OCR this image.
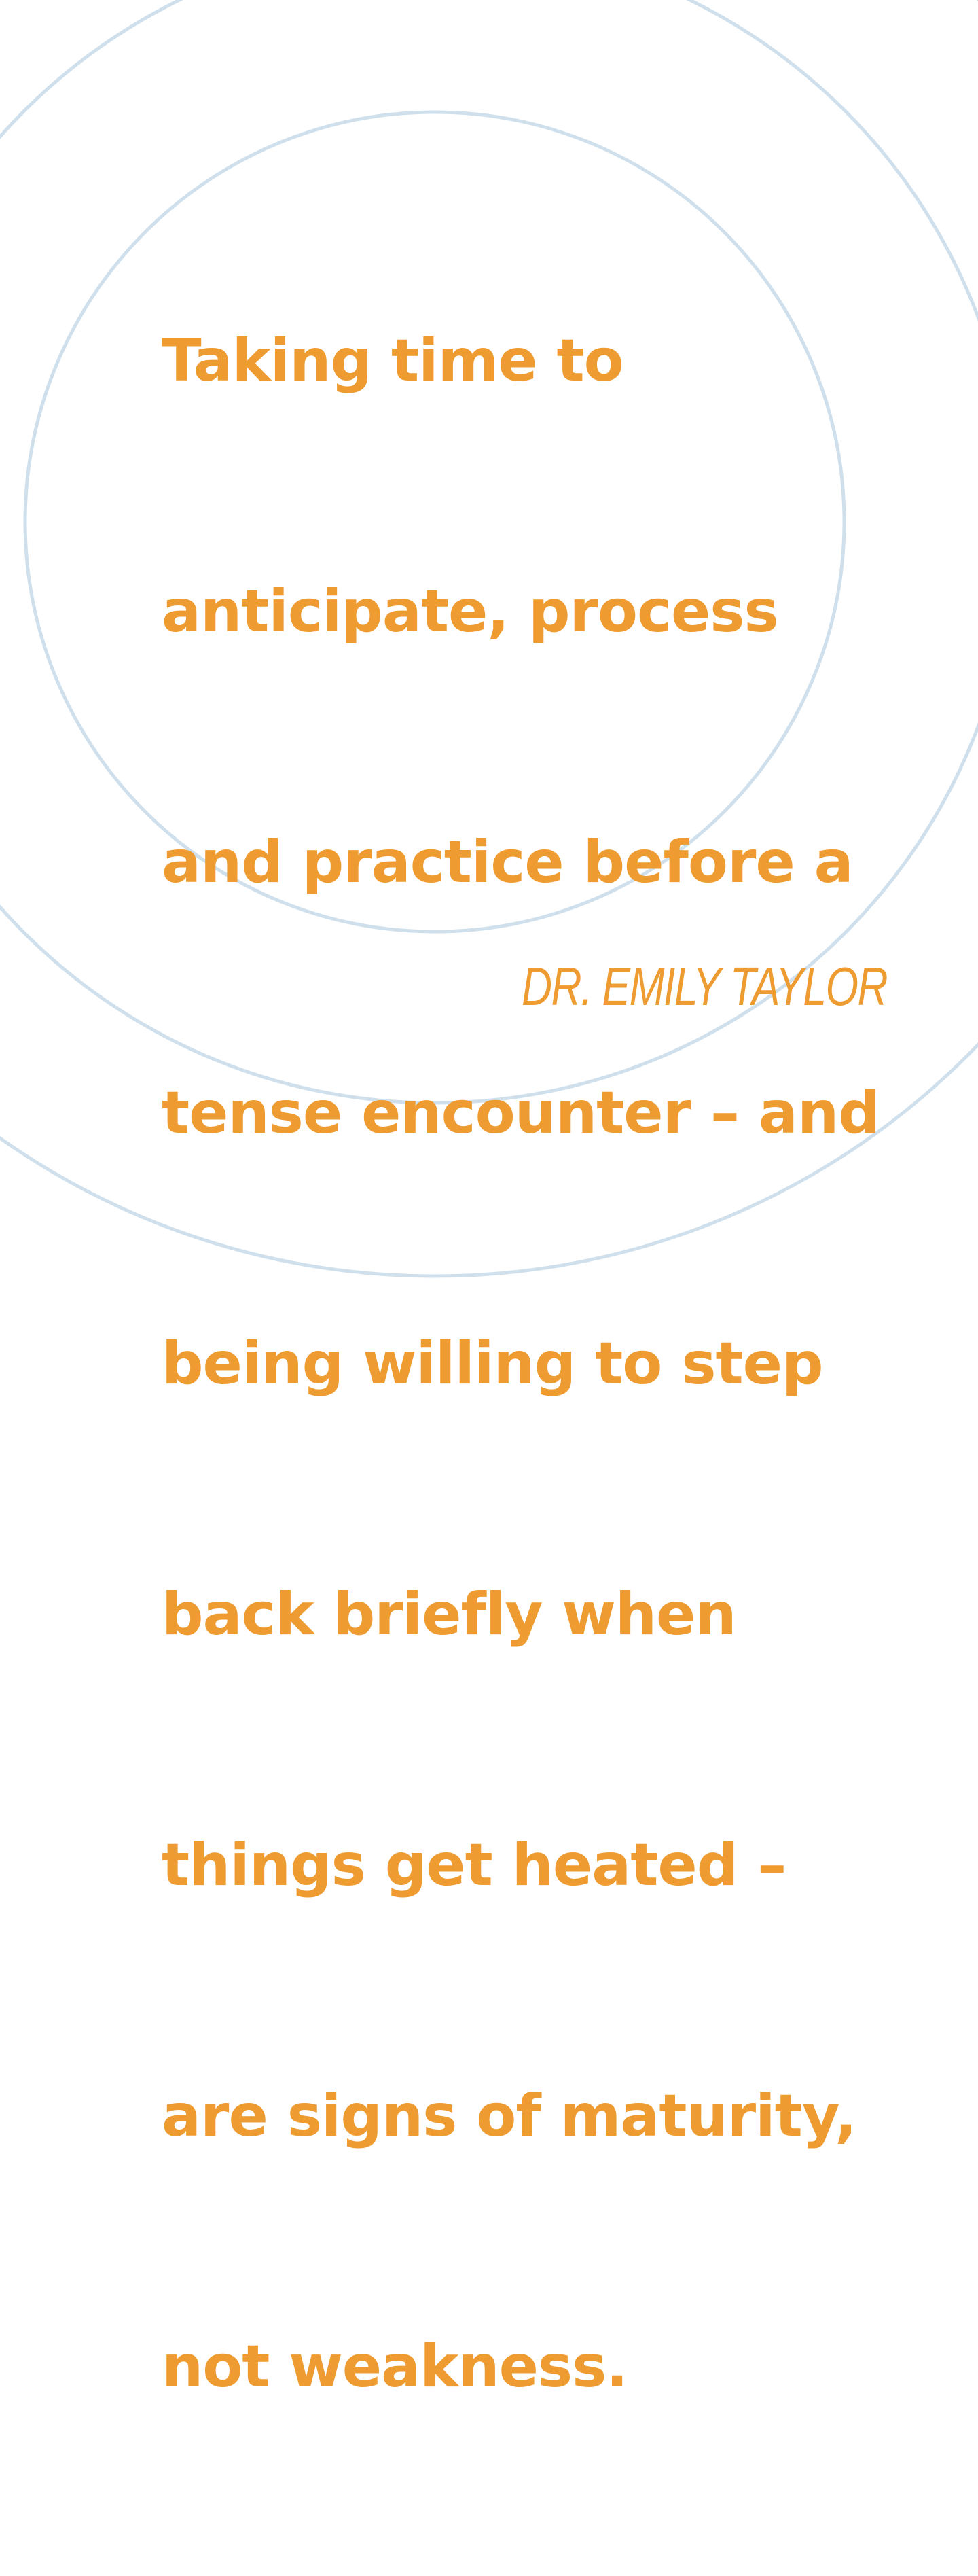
Taking time to

anticipate, process

and practice before a

tense encounter – and

being willing to step

back briefly when

things get heated –

are signs of maturity,

not weakness.

DR. EMILY TAYLOR
